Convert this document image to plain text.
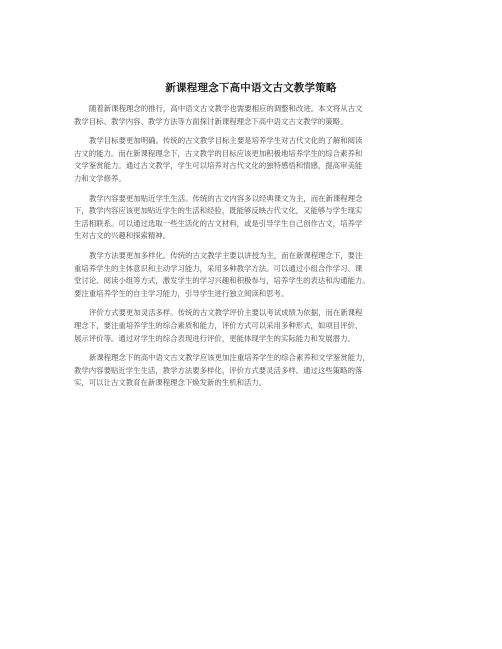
新课程理念下高中语文古文教学策略

随着新课程理念的推行，高中语文古文教学也需要相应的调整和改进。本文将从古文
教学目标、教学内容、教学方法等方面探讨新课程理念下高中语文古文教学的策略。

教学目标要更加明确。传统的古文教学目标主要是培养学生对古代文化的了解和阅读
古文的能力。而在新课程理念下，古文教学的目标应该更加积极地培养学生的综合素养和
文学鉴赏能力。通过古文教学，学生可以培养对古代文化的独特感悟和情感，提高审美能
力和文学修养。

教学内容要更加贴近学生生活。传统的古文内容多以经典课文为主，而在新课程理念
下，教学内容应该更加贴近学生的生活和经验，既能够反映古代文化，又能够与学生现实
生活相联系。可以通过选取一些生活化的古文材料，或是引导学生自己创作古文，培养学
生对古文的兴趣和探索精神。

教学方法要更加多样化。传统的古文教学主要以讲授为主，而在新课程理念下，要注
重培养学生的主体意识和主动学习能力，采用多种教学方法。可以通过小组合作学习、课
堂讨论、阅读小组等方式，激发学生的学习兴趣和积极参与，培养学生的表达和沟通能力。
要注重培养学生的自主学习能力，引导学生进行独立阅读和思考。

评价方式要更加灵活多样。传统的古文教学评价主要以考试成绩为依据，而在新课程
理念下，要注重培养学生的综合素质和能力，评价方式可以采用多种形式，如项目评价、
展示评价等。通过对学生的综合表现进行评价，更能体现学生的实际能力和发展潜力。

新课程理念下的高中语文古文教学应该更加注重培养学生的综合素养和文学鉴赏能力，
教学内容要贴近学生生活，教学方法要多样化，评价方式要灵活多样。通过这些策略的落
实，可以让古文教育在新课程理念下焕发新的生机和活力。
